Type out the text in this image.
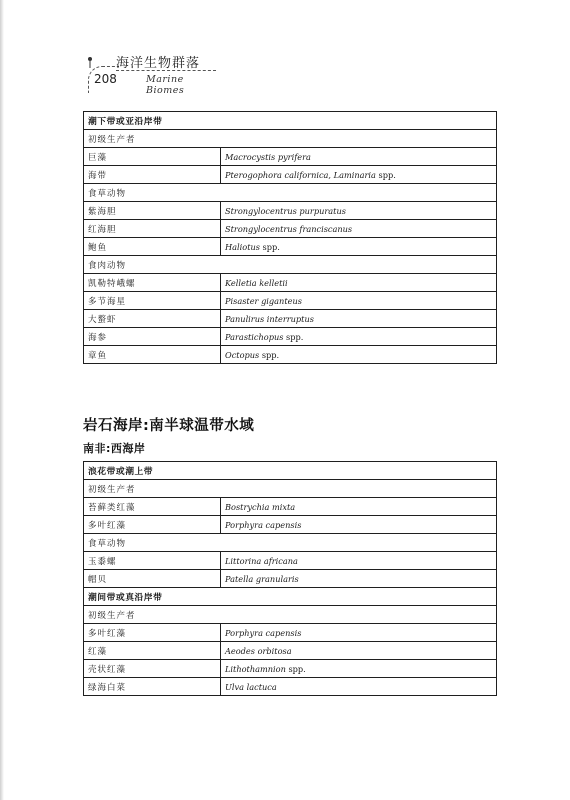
208
海洋生物群落
Marine Biomes
潮下带或亚沿岸带	
初级生产者	
巨藻	Macrocystis pyrifera
海带	Pterogophora californica, Laminaria spp.
食草动物	
紫海胆	Strongylocentrus purpuratus
红海胆	Strongylocentrus franciscanus
鲍鱼	Haliotus spp.
食肉动物	
凯勒特峨螺	Kelletia kelletii
多节海星	Pisaster giganteus
大螯虾	Panulirus interruptus
海参	Parastichopus spp.
章鱼	Octopus spp.
岩石海岸:南半球温带水域
南非:西海岸
浪花带或潮上带	
初级生产者	
苔藓类红藻	Bostrychia mixta
多叶红藻	Porphyra capensis
食草动物	
玉黍螺	Littorina africana
帽贝	Patella granularis
潮间带或真沿岸带	
初级生产者	
多叶红藻	Porphyra capensis
红藻	Aeodes orbitosa
壳状红藻	Lithothamnion spp.
绿海白菜	Ulva lactuca
